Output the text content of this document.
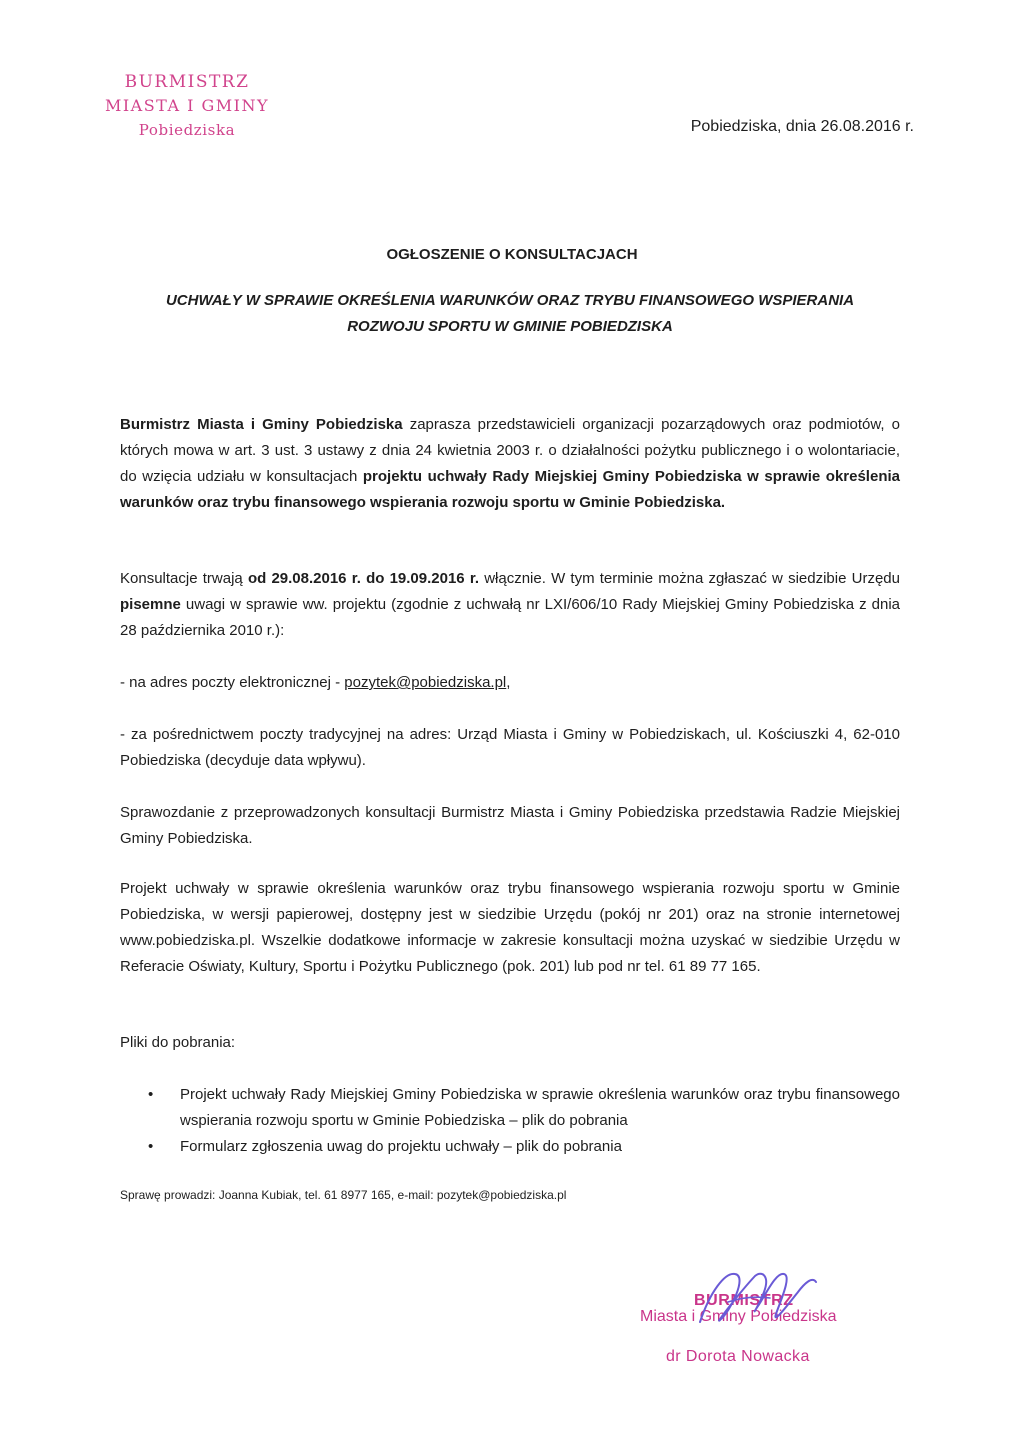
BURMISTRZ
MIASTA I GMINY
Pobiedziska	Pobiedziska, dnia 26.08.2016 r.
OGŁOSZENIE O KONSULTACJACH
UCHWAŁY W SPRAWIE OKREŚLENIA WARUNKÓW ORAZ TRYBU FINANSOWEGO WSPIERANIA
ROZWOJU SPORTU W GMINIE POBIEDZISKA
Burmistrz Miasta i Gminy Pobiedziska zaprasza przedstawicieli organizacji pozarządowych oraz podmiotów, o których mowa w art. 3 ust. 3 ustawy z dnia 24 kwietnia 2003 r. o działalności pożytku publicznego i o wolontariacie, do wzięcia udziału w konsultacjach projektu uchwały Rady Miejskiej Gminy Pobiedziska w sprawie określenia warunków oraz trybu finansowego wspierania rozwoju sportu w Gminie Pobiedziska.
Konsultacje trwają od 29.08.2016 r. do 19.09.2016 r. włącznie. W tym terminie można zgłaszać w siedzibie Urzędu pisemne uwagi w sprawie ww. projektu (zgodnie z uchwałą nr LXI/606/10 Rady Miejskiej Gminy Pobiedziska z dnia 28 października 2010 r.):
- na adres poczty elektronicznej - pozytek@pobiedziska.pl,
- za pośrednictwem poczty tradycyjnej na adres: Urząd Miasta i Gminy w Pobiedziskach, ul. Kościuszki 4, 62-010 Pobiedziska (decyduje data wpływu).
Sprawozdanie z przeprowadzonych konsultacji Burmistrz Miasta i Gminy Pobiedziska przedstawia Radzie Miejskiej Gminy Pobiedziska.
Projekt uchwały w sprawie określenia warunków oraz trybu finansowego wspierania rozwoju sportu w Gminie Pobiedziska, w wersji papierowej, dostępny jest w siedzibie Urzędu (pokój nr 201) oraz na stronie internetowej www.pobiedziska.pl. Wszelkie dodatkowe informacje w zakresie konsultacji można uzyskać w siedzibie Urzędu w Referacie Oświaty, Kultury, Sportu i Pożytku Publicznego (pok. 201) lub pod nr tel. 61 89 77 165.
Pliki do pobrania:
• Projekt uchwały Rady Miejskiej Gminy Pobiedziska w sprawie określenia warunków oraz trybu finansowego wspierania rozwoju sportu w Gminie Pobiedziska – plik do pobrania
• Formularz zgłoszenia uwag do projektu uchwały – plik do pobrania
Sprawę prowadzi: Joanna Kubiak, tel. 61 8977 165, e-mail: pozytek@pobiedziska.pl
BURMISTRZ
Miasta i Gminy Pobiedziska
dr Dorota Nowacka
